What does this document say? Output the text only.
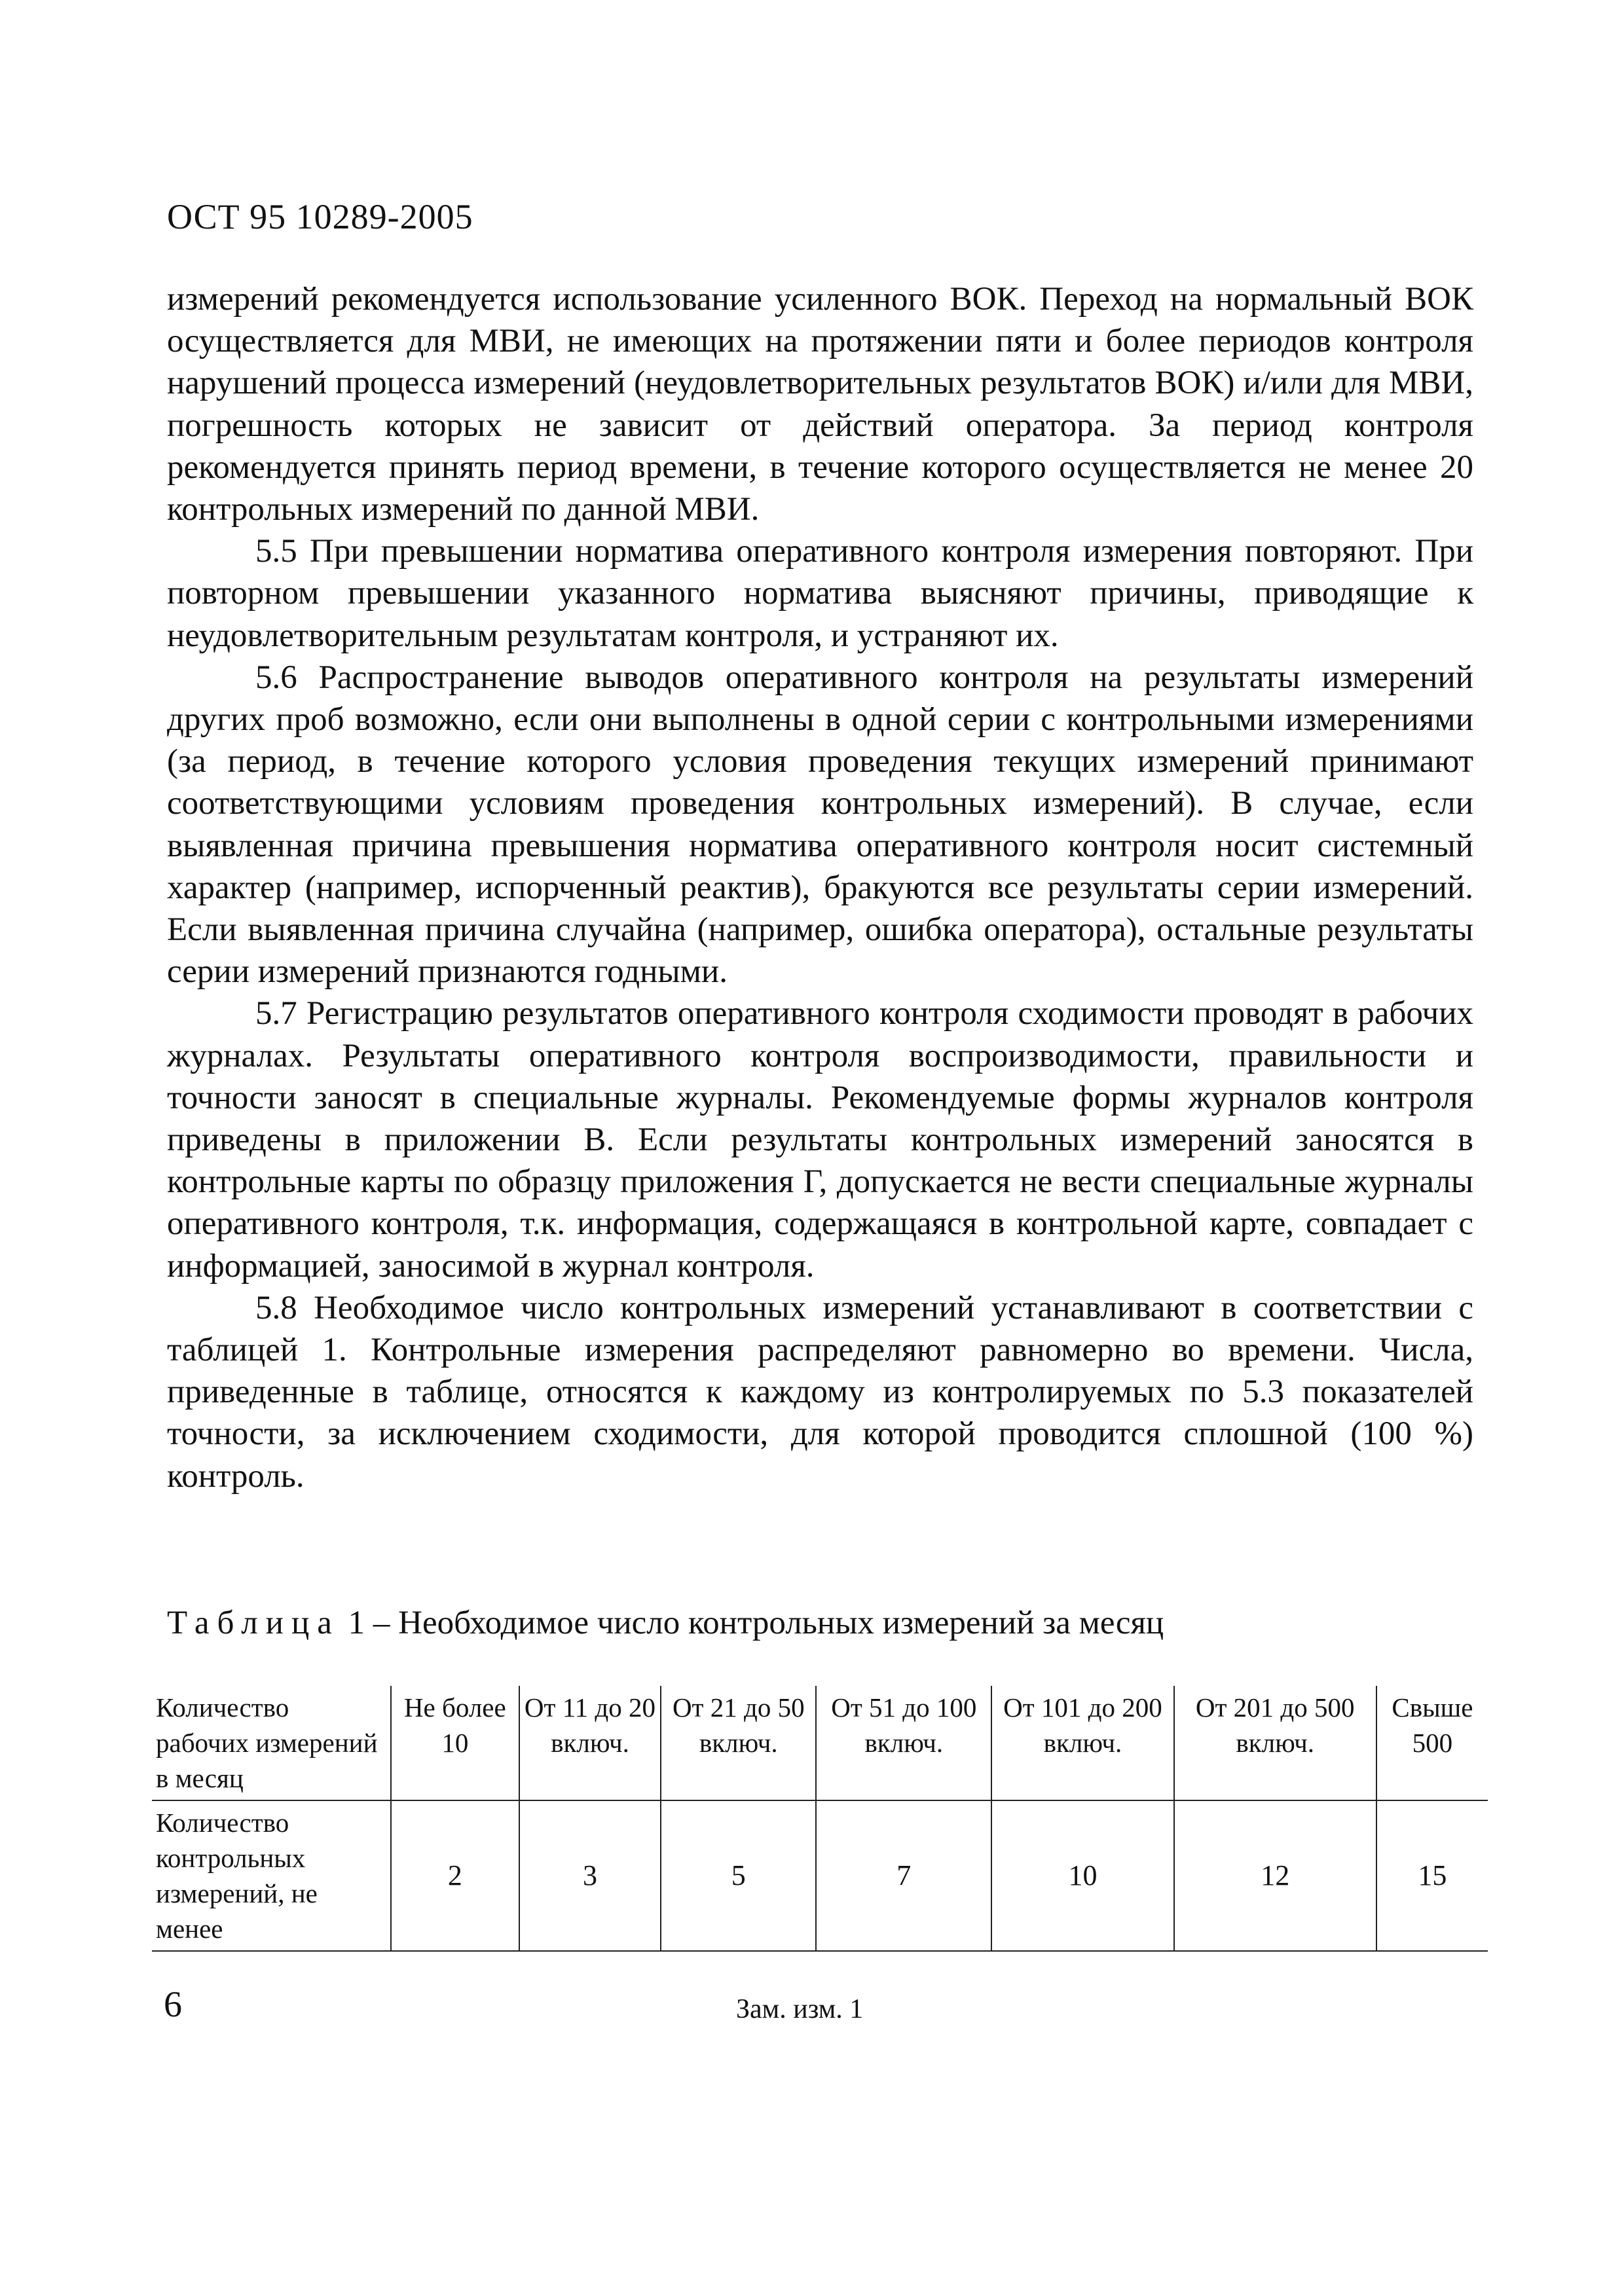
ОСТ 95 10289-2005

измерений рекомендуется использование усиленного ВОК. Переход на нормальный ВОК осуществляется для МВИ, не имеющих на протяжении пяти и более периодов контроля нарушений процесса измерений (неудовлетворительных результатов ВОК) и/или для МВИ, погрешность которых не зависит от действий оператора. За период контроля рекомендуется принять период времени, в течение которого осуществляется не менее 20 контрольных измерений по данной МВИ.

5.5 При превышении норматива оперативного контроля измерения повторяют. При повторном превышении указанного норматива выясняют причины, приводящие к неудовлетворительным результатам контроля, и устраняют их.

5.6 Распространение выводов оперативного контроля на результаты измерений других проб возможно, если они выполнены в одной серии с контрольными измерениями (за период, в течение которого условия проведения текущих измерений принимают соответствующими условиям проведения контрольных измерений). В случае, если выявленная причина превышения норматива оперативного контроля носит системный характер (например, испорченный реактив), бракуются все результаты серии измерений. Если выявленная причина случайна (например, ошибка оператора), остальные результаты серии измерений признаются годными.

5.7 Регистрацию результатов оперативного контроля сходимости проводят в рабочих журналах. Результаты оперативного контроля воспроизводимости, правильности и точности заносят в специальные журналы. Рекомендуемые формы журналов контроля приведены в приложении В. Если результаты контрольных измерений заносятся в контрольные карты по образцу приложения Г, допускается не вести специальные журналы оперативного контроля, т.к. информация, содержащаяся в контрольной карте, совпадает с информацией, заносимой в журнал контроля.

5.8 Необходимое число контрольных измерений устанавливают в соответствии с таблицей 1. Контрольные измерения распределяют равномерно во времени. Числа, приведенные в таблице, относятся к каждому из контролируемых по 5.3 показателей точности, за исключением сходимости, для которой проводится сплошной (100 %) контроль.

Таблица 1 – Необходимое число контрольных измерений за месяц
Количество рабочих измерений в месяц	Не более 10	От 11 до 20 включ.	От 21 до 50 включ.	От 51 до 100 включ.	От 101 до 200 включ.	От 201 до 500 включ.	Свыше 500
Количество контрольных измерений, не менее	2	3	5	7	10	12	15
6	Зам. изм. 1
